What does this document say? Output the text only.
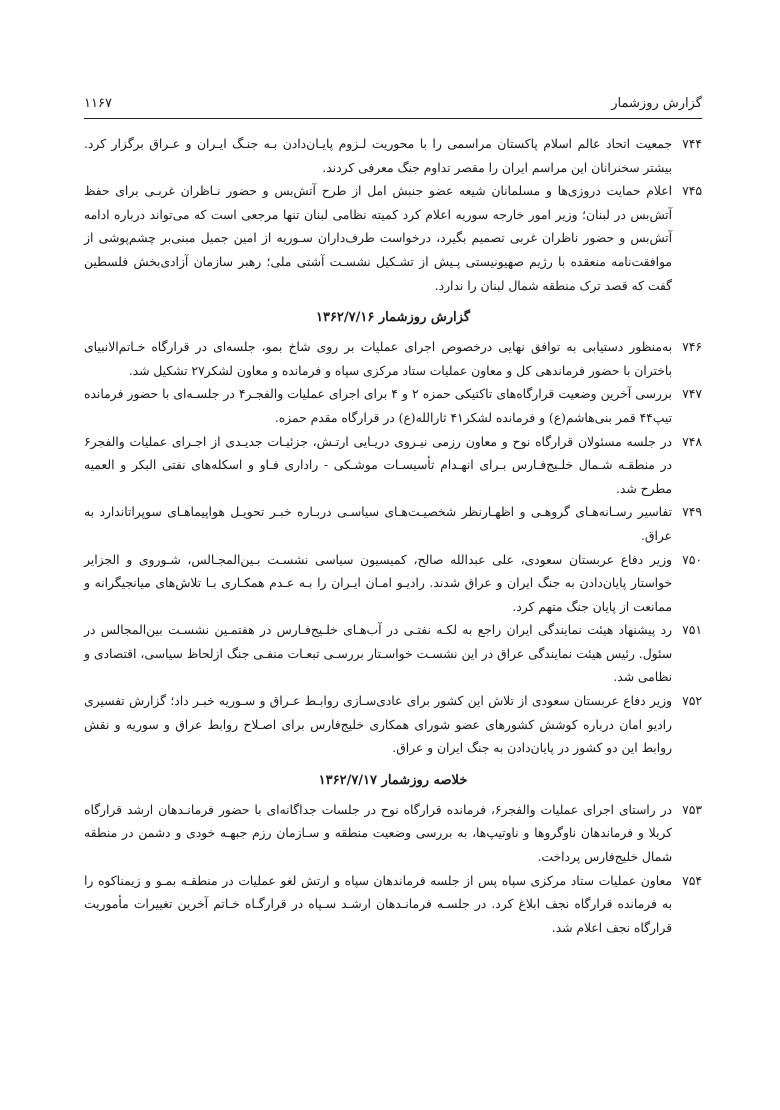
گزارش روزشمار
۱۱۶۷
۷۴۴
جمعیت اتحاد عالم اسلام پاکستان مراسمی را با محوریت لـزوم پایـان‌دادن بـه جنـگ ایـران و عـراق برگزار کرد. بیشتر سخنرانان این مراسم ایران را مقصر تداوم جنگ معرفی کردند.
۷۴۵
اعلام حمایت دروزی‌ها و مسلمانان شیعه عضو جنبش امل از طرح آتش‌بس و حضور نـاظران غربـی برای حفظ آتش‌بس در لبنان؛ وزیر امور خارجه سوریه اعلام کرد کمیته نظامی لبنان تنها مرجعی است که می‌تواند درباره ادامه آتش‌بس و حضور ناظران غربی تصمیم بگیرد، درخواست طرف‌داران سـوریه از امین جمیل مبنی‌بر چشم‌پوشی از موافقت‌نامه منعقده با رژیم صهیونیستی پـیش از تشـکیل نشسـت آشتی ملی؛ رهبر سازمان آزادی‌بخش فلسطین گفت که قصد ترک منطقه شمال لبنان را ندارد.
گزارش روزشمار ۱۳۶۲/۷/۱۶
۷۴۶
به‌منظور دستیابی به توافق نهایی درخصوص اجرای عملیات بر روی شاخ بمو، جلسه‌ای در قرارگاه خـاتم‌الانبیای باختران با حضور فرماندهی کل و معاون عملیات ستاد مرکزی سپاه و فرمانده و معاون لشکر۲۷ تشکیل شد.
۷۴۷
بررسی آخرین وضعیت قرارگاه‌های تاکتیکی حمزه ۲ و ۴ برای اجرای عملیات والفجـر۴ در جلسـه‌ای با حضور فرمانده تیپ۴۴ قمر بنی‌هاشم(ع) و فرمانده لشکر۴۱ ثارالله(ع) در قرارگاه مقدم حمزه.
۷۴۸
در جلسه مسئولان قرارگاه نوح و معاون رزمی نیـروی دریـایی ارتـش، جزئیـات جدیـدی از اجـرای عملیات والفجر۶ در منطقـه شـمال خلـیج‌فـارس بـرای انهـدام تأسیسـات موشـکی - راداری فـاو و اسکله‌های نفتی البکر و العمیه مطرح شد.
۷۴۹
تفاسیر رسـانه‌هـای گروهـی و اظهـارنظر شخصیـت‌هـای سیاسـی دربـاره خبـر تحویـل هواپیماهـای سوپراتاندارد به عراق.
۷۵۰
وزیر دفاع عربستان سعودی، علی عبدالله صالح، کمیسیون سیاسی نشسـت بـین‌المجـالس، شـوروی و الجزایر خواستار پایان‌دادن به جنگ ایران و عراق شدند. رادیـو امـان ایـران را بـه عـدم همکـاری بـا تلاش‌های میانجیگرانه و ممانعت از پایان جنگ متهم کرد.
۷۵۱
رد پیشنهاد هیئت نمایندگی ایران راجع به لکـه نفتـی در آب‌هـای خلـیج‌فـارس در هفتمـین نشسـت بین‌المجالس در سئول. رئیس هیئت نمایندگی عراق در این نشسـت خواسـتار بررسـی تبعـات منفـی جنگ ازلحاظ سیاسی، اقتصادی و نظامی شد.
۷۵۲
وزیر دفاع عربستان سعودی از تلاش این کشور برای عادی‌سـازی روابـط عـراق و سـوریه خبـر داد؛ گزارش تفسیری رادیو امان درباره کوشش کشورهای عضو شورای همکاری خلیج‌فارس برای اصـلاح روابط عراق و سوریه و نقش روابط این دو کشور در پایان‌دادن به جنگ ایران و عراق.
خلاصه روزشمار ۱۳۶۲/۷/۱۷
۷۵۳
در راستای اجرای عملیات والفجر۶، فرمانده قرارگاه نوح در جلسات جداگانه‌ای با حضور فرمانـدهان ارشد قرارگاه کربلا و فرماندهان ناوگروها و ناوتیپ‌ها، به بررسی وضعیت منطقه و سـازمان رزم جبهـه خودی و دشمن در منطقه شمال خلیج‌فارس پرداخت.
۷۵۴
معاون عملیات ستاد مرکزی سپاه پس از جلسه فرماندهان سپاه و ارتش لغو عملیات در منطقـه بمـو و زیمناکوه را به فرمانده قرارگاه نجف ابلاغ کرد. در جلسـه فرمانـدهان ارشـد سـپاه در قرارگـاه خـاتم آخرین تغییرات مأموریت قرارگاه نجف اعلام شد.
